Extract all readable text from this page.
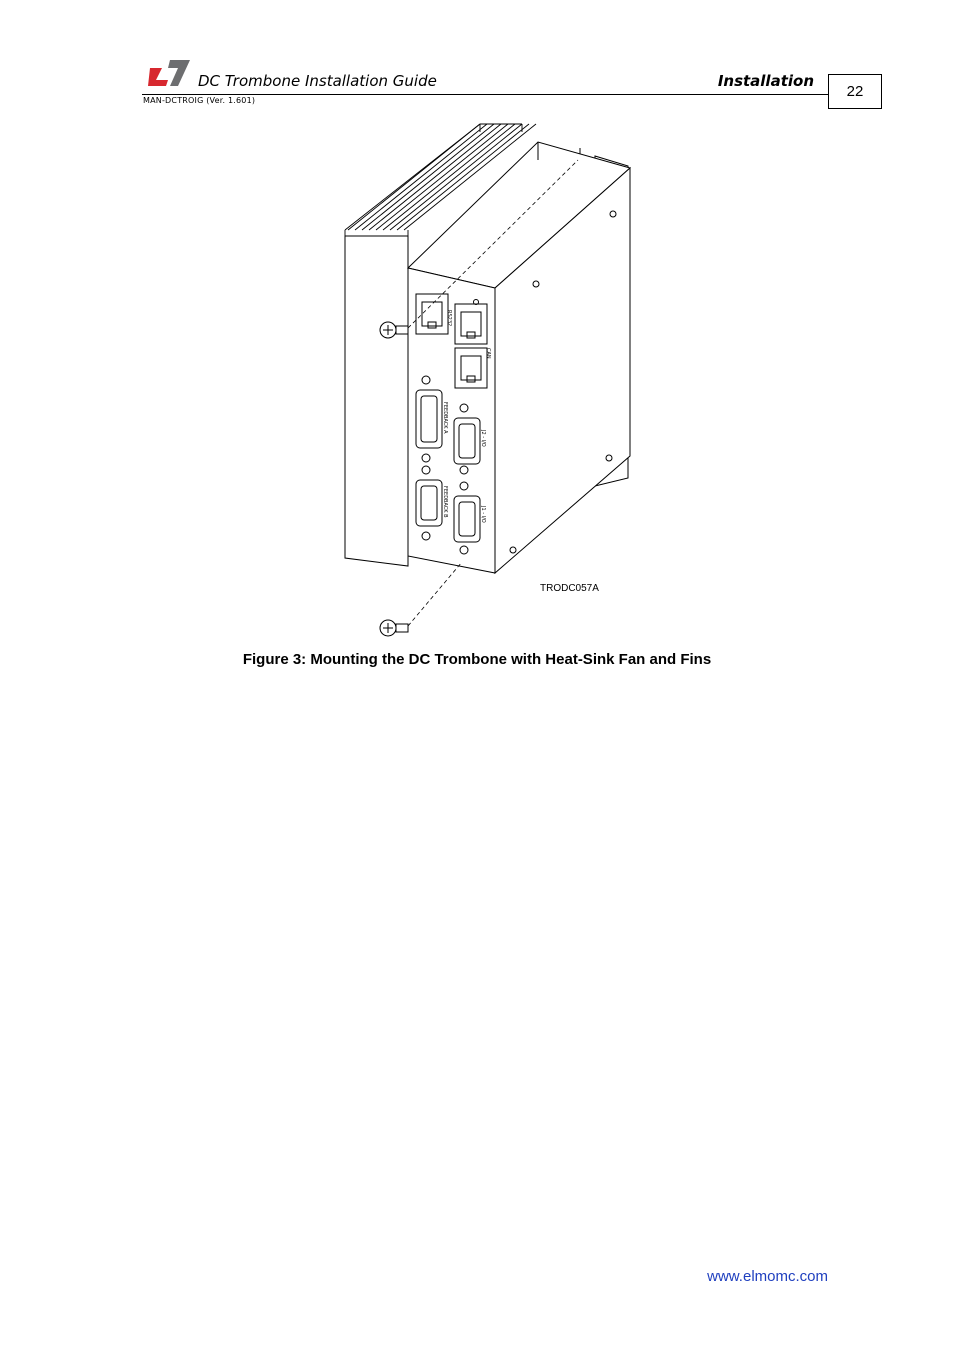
DC Trombone Installation Guide	Installation
MAN-DCTROIG (Ver. 1.601)
22
RS232
CAN
FEEDBACK A
J2 - I/O
FEEDBACK B	J1 - I/O
TRODC057A
Figure 3: Mounting the DC Trombone with Heat-Sink Fan and Fins
www.elmomc.com
